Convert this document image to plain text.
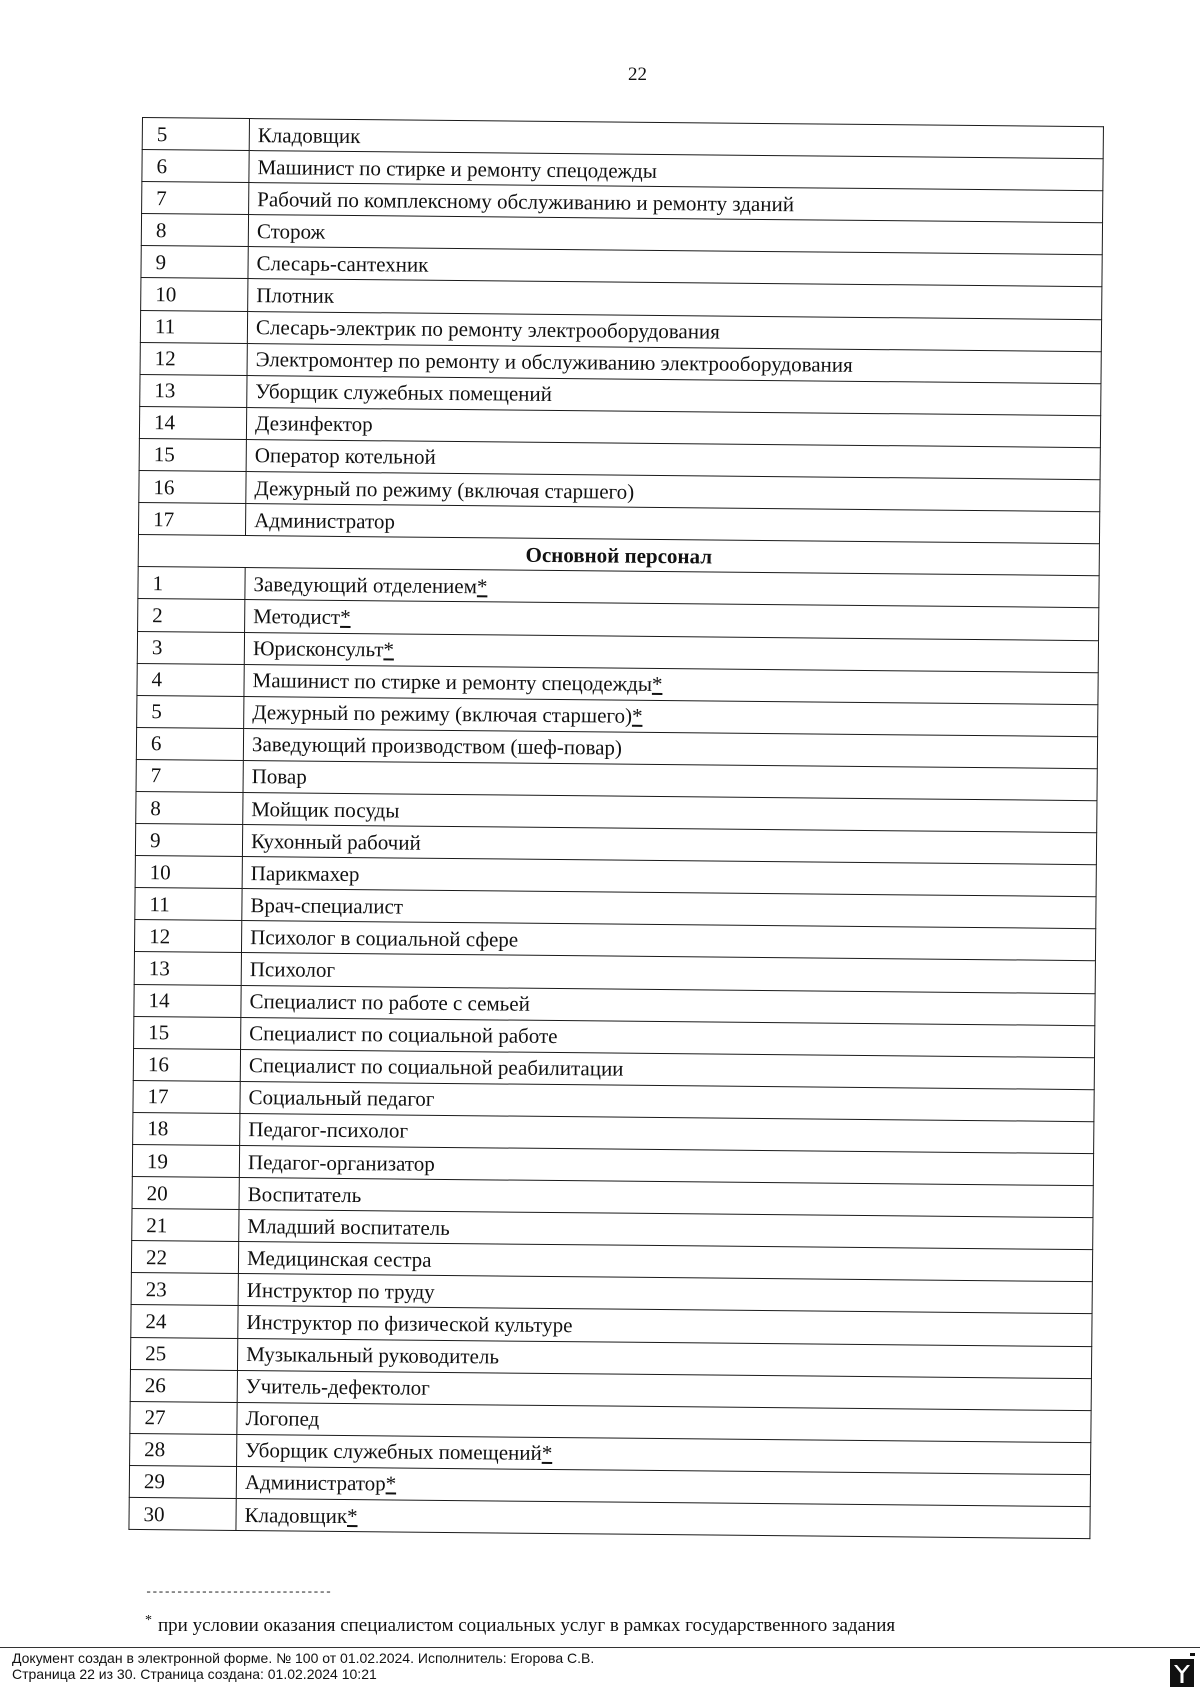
22
5	Кладовщик
6	Машинист по стирке и ремонту спецодежды
7	Рабочий по комплексному обслуживанию и ремонту зданий
8	Сторож
9	Слесарь-сантехник
10	Плотник
11	Слесарь-электрик по ремонту электрооборудования
12	Электромонтер по ремонту и обслуживанию электрооборудования
13	Уборщик служебных помещений
14	Дезинфектор
15	Оператор котельной
16	Дежурный по режиму (включая старшего)
17	Администратор
Основной персонал	
1	Заведующий отделением*
2	Методист*
3	Юрисконсульт*
4	Машинист по стирке и ремонту спецодежды*
5	Дежурный по режиму (включая старшего)*
6	Заведующий производством (шеф-повар)
7	Повар
8	Мойщик посуды
9	Кухонный рабочий
10	Парикмахер
11	Врач-специалист
12	Психолог в социальной сфере
13	Психолог
14	Специалист по работе с семьей
15	Специалист по социальной работе
16	Специалист по социальной реабилитации
17	Социальный педагог
18	Педагог-психолог
19	Педагог-организатор
20	Воспитатель
21	Младший воспитатель
22	Медицинская сестра
23	Инструктор по труду
24	Инструктор по физической культуре
25	Музыкальный руководитель
26	Учитель-дефектолог
27	Логопед
28	Уборщик служебных помещений*
29	Администратор*
30	Кладовщик*
------------------------------
* при условии оказания специалистом социальных услуг в рамках государственного задания
Документ создан в электронной форме. № 100 от 01.02.2024. Исполнитель: Егорова С.В.
Страница 22 из 30. Страница создана: 01.02.2024 10:21
